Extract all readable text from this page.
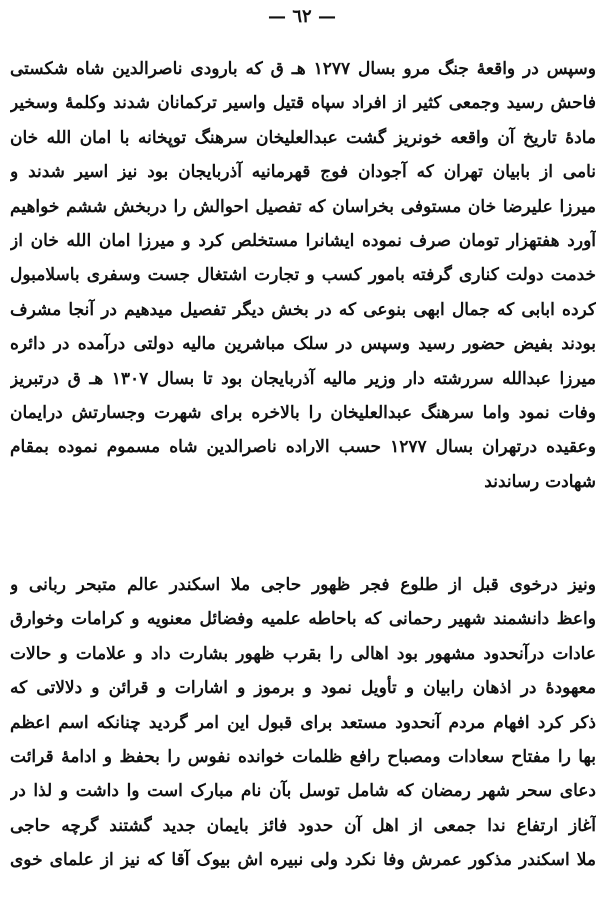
— ٦٢ —
وسپس در واقعهٔ جنگ مرو بسال ۱۲۷۷ هـ ق که بارودی ناصرالدین شاه شکستی
فاحش رسید وجمعی کثیر از افراد سپاه قتیل واسیر ترکمانان شدند وکلمهٔ وسخیر
مادهٔ تاریخ آن واقعه خونریز گشت عبدالعلیخان سرهنگ توپخانه با امان الله خان
نامی از بابیان تهران که آجودان فوج قهرمانیه آذربایجان بود نیز اسیر شدند و
میرزا علیرضا خان مستوفی بخراسان که تفصیل احوالش را دربخش ششم خواهیم
آورد هفتهزار تومان صرف نموده ایشانرا مستخلص کرد و میرزا امان الله خان از
خدمت دولت کناری گرفته بامور کسب و تجارت اشتغال جست وسفری باسلامبول
کرده ابابی که جمال ابهی بنوعی که در بخش دیگر تفصیل میدهیم در آنجا مشرف
بودند بفیض حضور رسید وسپس در سلک مباشرین مالیه دولتی درآمده در دائره
میرزا عبدالله سررشته دار وزیر مالیه آذربایجان بود تا بسال ۱۳۰۷ هـ ق درتبریز
وفات نمود واما سرهنگ عبدالعلیخان را بالاخره برای شهرت وجسارتش درایمان
وعقیده درتهران بسال ۱۲۷۷ حسب الاراده ناصرالدین شاه مسموم نموده بمقام
شهادت رساندند
ونیز درخوی قبل از طلوع فجر ظهور حاجی ملا اسکندر عالم متبحر ربانی و
واعظ دانشمند شهیر رحمانی که باحاطه علمیه وفضائل معنویه و کرامات وخوارق
عادات درآنحدود مشهور بود اهالی را بقرب ظهور بشارت داد و علامات و حالات
معهودهٔ در اذهان رابیان و تأویل نمود و برموز و اشارات و قرائن و دلالاتی که
ذکر کرد افهام مردم آنحدود مستعد برای قبول این امر گردید چنانکه اسم اعظم
بها را مفتاح سعادات ومصباح رافع ظلمات خوانده نفوس را بحفظ و ادامهٔ قرائت
دعای سحر شهر رمضان که شامل توسل بآن نام مبارک است وا داشت و لذا در
آغاز ارتفاع ندا جمعی از اهل آن حدود فائز بایمان جدید گشتند گرچه حاجی
ملا اسکندر مذکور عمرش وفا نکرد ولی نبیره اش بیوک آقا که نیز از علمای خوی
